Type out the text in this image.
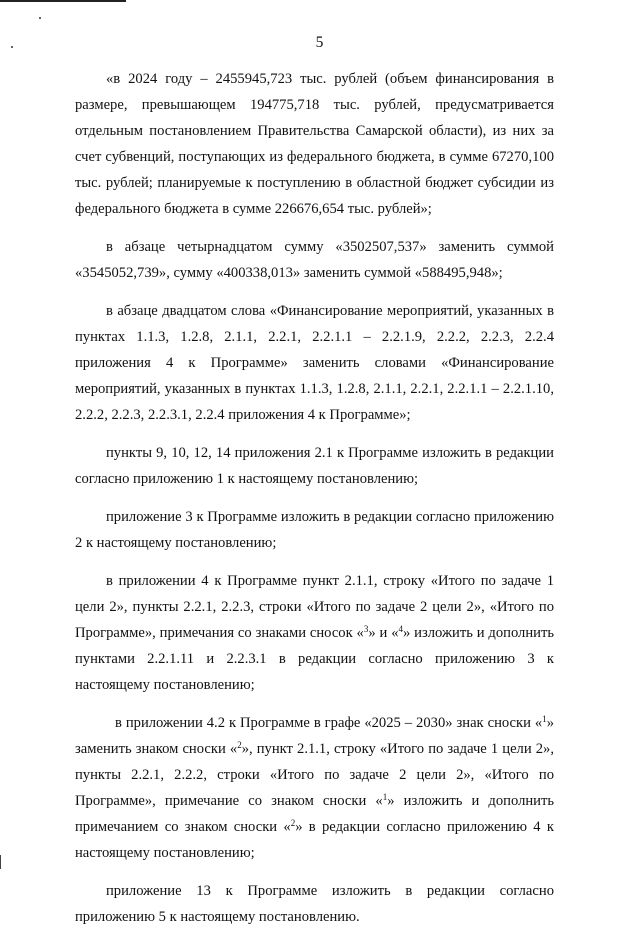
5

«в 2024 году – 2455945,723 тыс. рублей (объем финансирования в размере, превышающем 194775,718 тыс. рублей, предусматривается отдельным постановлением Правительства Самарской области), из них за счет субвенций, поступающих из федерального бюджета, в сумме 67270,100 тыс. рублей; планируемые к поступлению в областной бюджет субсидии из федерального бюджета в сумме 226676,654 тыс. рублей»;

в абзаце четырнадцатом сумму «3502507,537» заменить суммой «3545052,739», сумму «400338,013» заменить суммой «588495,948»;

в абзаце двадцатом слова «Финансирование мероприятий, указанных в пунктах 1.1.3, 1.2.8, 2.1.1, 2.2.1, 2.2.1.1 – 2.2.1.9, 2.2.2, 2.2.3, 2.2.4 приложения 4 к Программе» заменить словами «Финансирование мероприятий, указанных в пунктах 1.1.3, 1.2.8, 2.1.1, 2.2.1, 2.2.1.1 – 2.2.1.10, 2.2.2, 2.2.3, 2.2.3.1, 2.2.4 приложения 4 к Программе»;

пункты 9, 10, 12, 14 приложения 2.1 к Программе изложить в редакции согласно приложению 1 к настоящему постановлению;

приложение 3 к Программе изложить в редакции согласно приложению 2 к настоящему постановлению;

в приложении 4 к Программе пункт 2.1.1, строку «Итого по задаче 1 цели 2», пункты 2.2.1, 2.2.3, строки «Итого по задаче 2 цели 2», «Итого по Программе», примечания со знаками сносок «$^3$» и «$^4$» изложить и дополнить пунктами 2.2.1.11 и 2.2.3.1 в редакции согласно приложению 3 к настоящему постановлению;

в приложении 4.2 к Программе в графе «2025 – 2030» знак сноски «$^1$» заменить знаком сноски «$^2$», пункт 2.1.1, строку «Итого по задаче 1 цели 2», пункты 2.2.1, 2.2.2, строки «Итого по задаче 2 цели 2», «Итого по Программе», примечание со знаком сноски «$^1$» изложить и дополнить примечанием со знаком сноски «$^2$» в редакции согласно приложению 4 к настоящему постановлению;

приложение 13 к Программе изложить в редакции согласно приложению 5 к настоящему постановлению.
